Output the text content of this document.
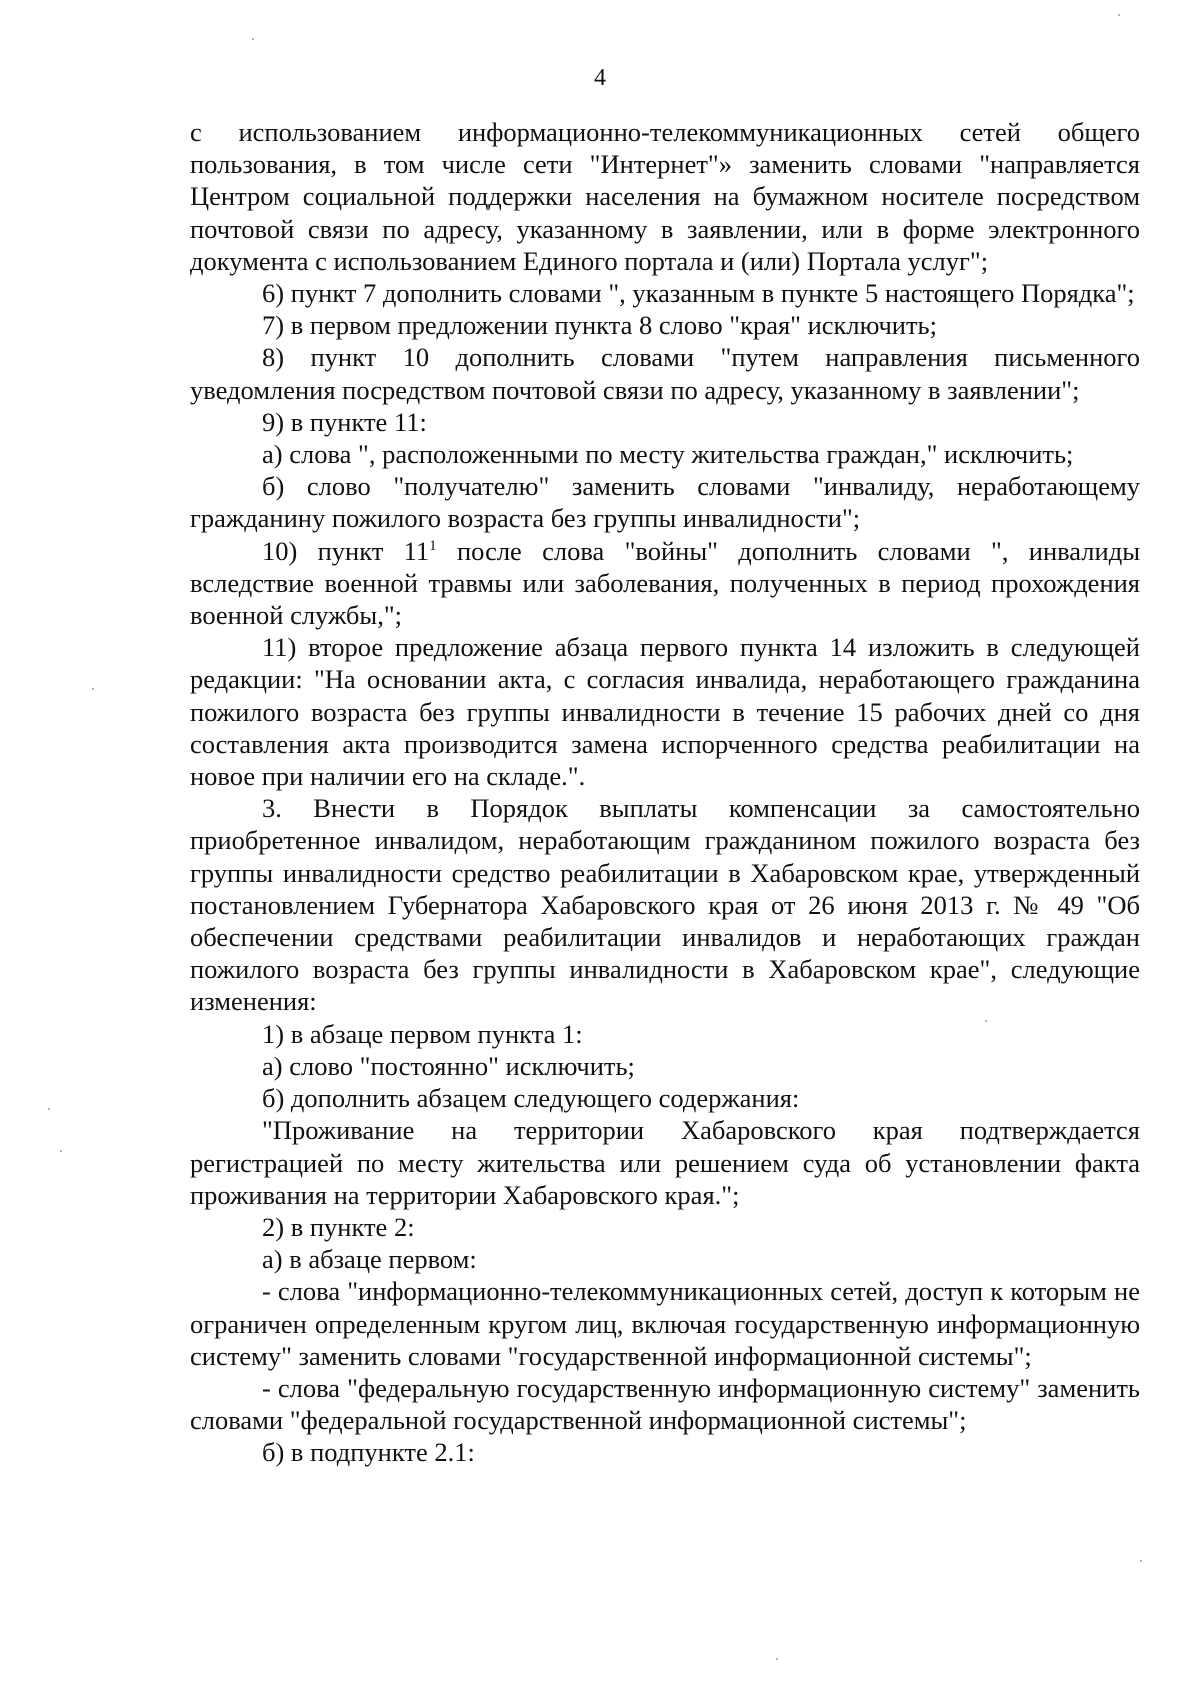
4

с использованием информационно-телекоммуникационных сетей общего пользования, в том числе сети "Интернет"» заменить словами "направляется Центром социальной поддержки населения на бумажном носителе посредством почтовой связи по адресу, указанному в заявлении, или в форме электронного документа с использованием Единого портала и (или) Портала услуг";

6) пункт 7 дополнить словами ", указанным в пункте 5 настоящего Порядка";

7) в первом предложении пункта 8 слово "края" исключить;

8) пункт 10 дополнить словами "путем направления письменного уведомления посредством почтовой связи по адресу, указанному в заявлении";

9) в пункте 11:

а) слова ", расположенными по месту жительства граждан," исключить;

б) слово "получателю" заменить словами "инвалиду, неработающему гражданину пожилого возраста без группы инвалидности";

10) пункт $11^1$ после слова "войны" дополнить словами ", инвалиды вследствие военной травмы или заболевания, полученных в период прохождения военной службы,";

11) второе предложение абзаца первого пункта 14 изложить в следующей редакции: "На основании акта, с согласия инвалида, неработающего гражданина пожилого возраста без группы инвалидности в течение 15 рабочих дней со дня составления акта производится замена испорченного средства реабилитации на новое при наличии его на складе.".

3. Внести в Порядок выплаты компенсации за самостоятельно приобретенное инвалидом, неработающим гражданином пожилого возраста без группы инвалидности средство реабилитации в Хабаровском крае, утвержденный постановлением Губернатора Хабаровского края от 26 июня 2013 г. № 49 "Об обеспечении средствами реабилитации инвалидов и неработающих граждан пожилого возраста без группы инвалидности в Хабаровском крае", следующие изменения:

1) в абзаце первом пункта 1:

а) слово "постоянно" исключить;

б) дополнить абзацем следующего содержания:

"Проживание на территории Хабаровского края подтверждается регистрацией по месту жительства или решением суда об установлении факта проживания на территории Хабаровского края.";

2) в пункте 2:

а) в абзаце первом:

- слова "информационно-телекоммуникационных сетей, доступ к которым не ограничен определенным кругом лиц, включая государственную информационную систему" заменить словами "государственной информационной системы";

- слова "федеральную государственную информационную систему" заменить словами "федеральной государственной информационной системы";

б) в подпункте 2.1:
